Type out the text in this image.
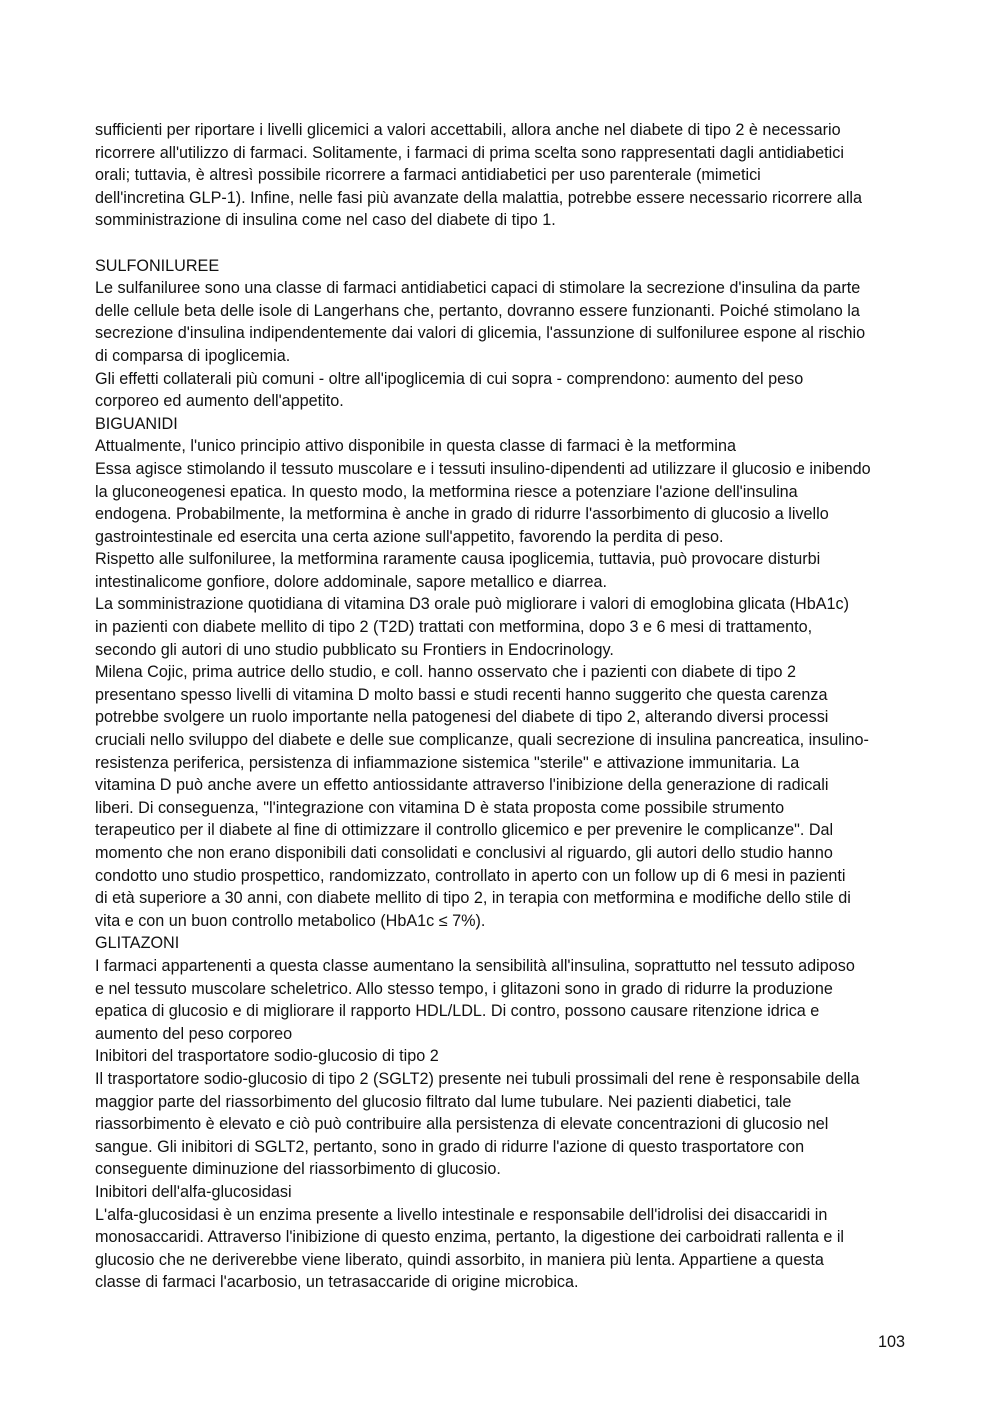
sufficienti per riportare i livelli glicemici a valori accettabili, allora anche nel diabete di tipo 2 è necessario
ricorrere all'utilizzo di farmaci. Solitamente, i farmaci di prima scelta sono rappresentati dagli antidiabetici
orali; tuttavia, è altresì possibile ricorrere a farmaci antidiabetici per uso parenterale (mimetici
dell'incretina GLP-1). Infine, nelle fasi più avanzate della malattia, potrebbe essere necessario ricorrere alla
somministrazione di insulina come nel caso del diabete di tipo 1.
SULFONILUREE
Le sulfaniluree sono una classe di farmaci antidiabetici capaci di stimolare la secrezione d'insulina da parte
delle cellule beta delle isole di Langerhans che, pertanto, dovranno essere funzionanti. Poiché stimolano la
secrezione d'insulina indipendentemente dai valori di glicemia, l'assunzione di sulfoniluree espone al rischio
di comparsa di ipoglicemia.
Gli effetti collaterali più comuni - oltre all'ipoglicemia di cui sopra - comprendono: aumento del peso
corporeo ed aumento dell'appetito.
BIGUANIDI
Attualmente, l'unico principio attivo disponibile in questa classe di farmaci è la metformina
Essa agisce stimolando il tessuto muscolare e i tessuti insulino-dipendenti ad utilizzare il glucosio e inibendo
la gluconeogenesi epatica. In questo modo, la metformina riesce a potenziare l'azione dell'insulina
endogena. Probabilmente, la metformina è anche in grado di ridurre l'assorbimento di glucosio a livello
gastrointestinale ed esercita una certa azione sull'appetito, favorendo la perdita di peso.
Rispetto alle sulfoniluree, la metformina raramente causa ipoglicemia, tuttavia, può provocare disturbi
intestinalicome gonfiore, dolore addominale, sapore metallico e diarrea.
La somministrazione quotidiana di vitamina D3 orale può migliorare i valori di emoglobina glicata (HbA1c)
in pazienti con diabete mellito di tipo 2 (T2D) trattati con metformina, dopo 3 e 6 mesi di trattamento,
secondo gli autori di uno studio pubblicato su Frontiers in Endocrinology.
Milena Cojic, prima autrice dello studio, e coll. hanno osservato che i pazienti con diabete di tipo 2
presentano spesso livelli di vitamina D molto bassi e studi recenti hanno suggerito che questa carenza
potrebbe svolgere un ruolo importante nella patogenesi del diabete di tipo 2, alterando diversi processi
cruciali nello sviluppo del diabete e delle sue complicanze, quali secrezione di insulina pancreatica, insulino-
resistenza periferica, persistenza di infiammazione sistemica "sterile" e attivazione immunitaria. La
vitamina D può anche avere un effetto antiossidante attraverso l'inibizione della generazione di radicali
liberi. Di conseguenza, "l'integrazione con vitamina D è stata proposta come possibile strumento
terapeutico per il diabete al fine di ottimizzare il controllo glicemico e per prevenire le complicanze". Dal
momento che non erano disponibili dati consolidati e conclusivi al riguardo, gli autori dello studio hanno
condotto uno studio prospettico, randomizzato, controllato in aperto con un follow up di 6 mesi in pazienti
di età superiore a 30 anni, con diabete mellito di tipo 2, in terapia con metformina e modifiche dello stile di
vita e con un buon controllo metabolico (HbA1c ≤ 7%).
GLITAZONI
I farmaci appartenenti a questa classe aumentano la sensibilità all'insulina, soprattutto nel tessuto adiposo
e nel tessuto muscolare scheletrico. Allo stesso tempo, i glitazoni sono in grado di ridurre la produzione
epatica di glucosio e di migliorare il rapporto HDL/LDL. Di contro, possono causare ritenzione idrica e
aumento del peso corporeo
Inibitori del trasportatore sodio-glucosio di tipo 2
Il trasportatore sodio-glucosio di tipo 2 (SGLT2) presente nei tubuli prossimali del rene è responsabile della
maggior parte del riassorbimento del glucosio filtrato dal lume tubulare. Nei pazienti diabetici, tale
riassorbimento è elevato e ciò può contribuire alla persistenza di elevate concentrazioni di glucosio nel
sangue. Gli inibitori di SGLT2, pertanto, sono in grado di ridurre l'azione di questo trasportatore con
conseguente diminuzione del riassorbimento di glucosio.
Inibitori dell'alfa-glucosidasi
L'alfa-glucosidasi è un enzima presente a livello intestinale e responsabile dell'idrolisi dei disaccaridi in
monosaccaridi. Attraverso l'inibizione di questo enzima, pertanto, la digestione dei carboidrati rallenta e il
glucosio che ne deriverebbe viene liberato, quindi assorbito, in maniera più lenta. Appartiene a questa
classe di farmaci l'acarbosio, un tetrasaccaride di origine microbica.
103
